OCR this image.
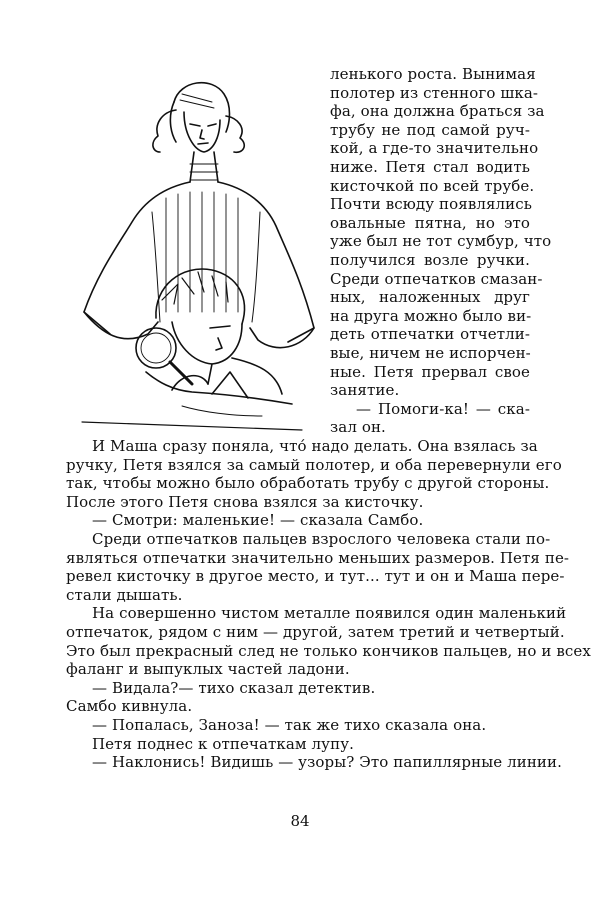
ленького роста. Вынимая
полотер из стенного шка-
фа, она должна браться за
трубу не под самой руч-
кой, а где-то значительно
ниже. Петя стал водить
кисточкой по всей трубе.
Почти всюду появлялись
овальные пятна, но это
уже был не тот сумбур, что
получился возле ручки.
Среди отпечатков смазан-
ных, наложенных друг
на друга можно было ви-
деть отпечатки отчетли-
вые, ничем не испорчен-
ные. Петя прервал свое
занятие.
— Помоги-ка! — ска-
зал он.
И Маша сразу поняла, что́ надо делать. Она взялась за
ручку, Петя взялся за самый полотер, и оба перевернули его
так, чтобы можно было обработать трубу с другой стороны.
После этого Петя снова взялся за кисточку.
— Смотри: маленькие! — сказала Самбо.
Среди отпечатков пальцев взрослого человека стали по-
являться отпечатки значительно меньших размеров. Петя пе-
ревел кисточку в другое место, и тут... тут и он и Маша пере-
стали дышать.
На совершенно чистом металле появился один маленький
отпечаток, рядом с ним — другой, затем третий и четвертый.
Это был прекрасный след не только кончиков пальцев, но и всех
фаланг и выпуклых частей ладони.
— Видала?— тихо сказал детектив.
Самбо кивнула.
— Попалась, Заноза! — так же тихо сказала она.
Петя поднес к отпечаткам лупу.
— Наклонись! Видишь — узоры? Это папиллярные линии.
84
